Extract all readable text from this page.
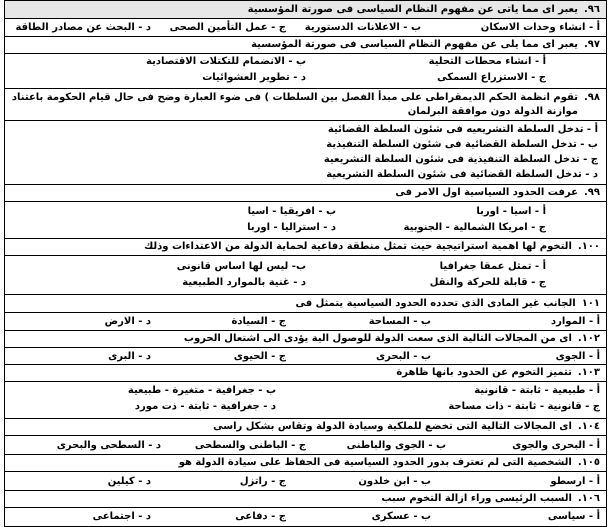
٩٦.
يعبر اى مما ياتى عن مفهوم النظام السياسى فى صورتة المؤسسية
أ - انشاء وحدات الاسكان
ب - الاعلانات الدستورية
ج - عمل التأمين الصحى
د - البحث عن مصادر الطاقة
٩٧.
يعبر اى مما يلى عن مفهوم النظام السياسى فى صورتة المؤسسية
أ - انشاء محطات التحلية
ب - الانضمام للتكتلات الاقتصادية
ج - الاستزراع السمكى
د - تطوير العشوائيات
٩٨.
تقوم انظمة الحكم الديمقراطى على مبدأ الفصل بين السلطات ) فى ضوء العبارة وضح فى حال قيام الحكومة باعتناد موازنة الدولة دون موافقة البرلمان
أ - تدخل السلطة التشريعيه فى شئون السلطة القضائية
ب - تدخل السلطة القضائية فى شئون السلطة التنفيذية
ج - تدخل السلطة التنفيذية فى شئون السلطة التشريعية
د - تدخل السلطة القضائية فى شئون السلطة التشريعية
٩٩.
عرفت الحدود السياسية اول الامر فى
أ - اسيا - اوربا
ب - افريقيا - اسيا
ج - امريكا الشمالية - الجنوبية
د - استراليا - اوربا
١٠٠.
التخوم لها اهمية استراتيجية حيث تمثل منطقة دفاعية لحماية الدولة من الاعتداءات وذلك
أ - تمثل عمقا جغرافيا
ب- ليس لها اساس قانونى
ج - قابلة للحركة والنقل
د - غنية بالموارد الطبيعية
١٠١
الجانب غير المادى الذى تحدده الحدود السياسية يتمثل فى
أ - الموارد
ب - المساحة
ج - السيادة
د - الارض
١٠٢.
اى من المجالات التالية الذى سعت الدولة للوصول الية يؤدى الى اشتعال الحروب
أ - الجوى
ب - البحرى
ج - الحيوى
د - البرى
١٠٣.
تتميز التخوم عن الحدود بانها ظاهرة
أ - طبيعية - ثابتة - قانونية
ب - جغرافية - متغيرة - طبيعية
ج - قانونية - ثابتة - ذات مساحة
د - جغرافية - ثابتة - ذت مورد
١٠٤.
اى المجالات التالية التى تخضع للملكية وسيادة الدولة وتقاس بشكل راسى
أ - البحرى والجوى
ب - الجوى والباطنى
ج - الباطنى والسطحى
د - السطحى والبحرى
١٠٥.
الشخصية التى لم تعترف بدور الحدود السياسية فى الحفاظ على سيادة الدولة هو
أ - ارسطو
ب - ابن خلدون
ج - راتزل
د - كيلين
١٠٦.
السبب الرئيسى وراء ازالة التخوم سبب
أ - سياسى
ب - عسكرى
ج - دفاعى
د - اجتماعى
